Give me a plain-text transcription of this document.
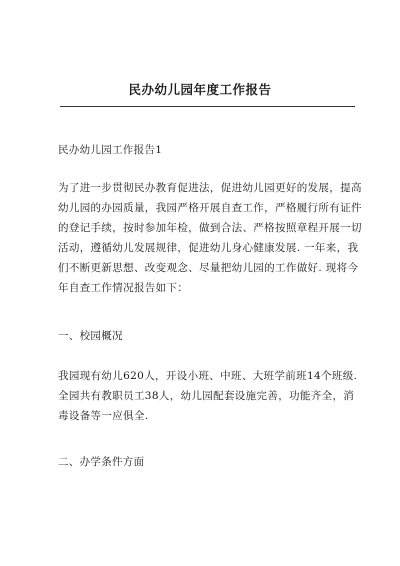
民办幼儿园年度工作报告
民办幼儿园工作报告1
为了进一步贯彻民办教育促进法，促进幼儿园更好的发展，提高
幼儿园的办园质量，我园严格开展自查工作，严格履行所有证件
的登记手续，按时参加年检，做到合法、严格按照章程开展一切
活动，遵循幼儿发展规律，促进幼儿身心健康发展. 一年来，我
们不断更新思想、改变观念、尽量把幼儿园的工作做好. 现将今
年自查工作情况报告如下：
一、校园概况
我园现有幼儿620人，开设小班、中班、大班学前班14个班级.
全园共有教职员工38人，幼儿园配套设施完善，功能齐全，消
毒设备等一应俱全.
二、办学条件方面
